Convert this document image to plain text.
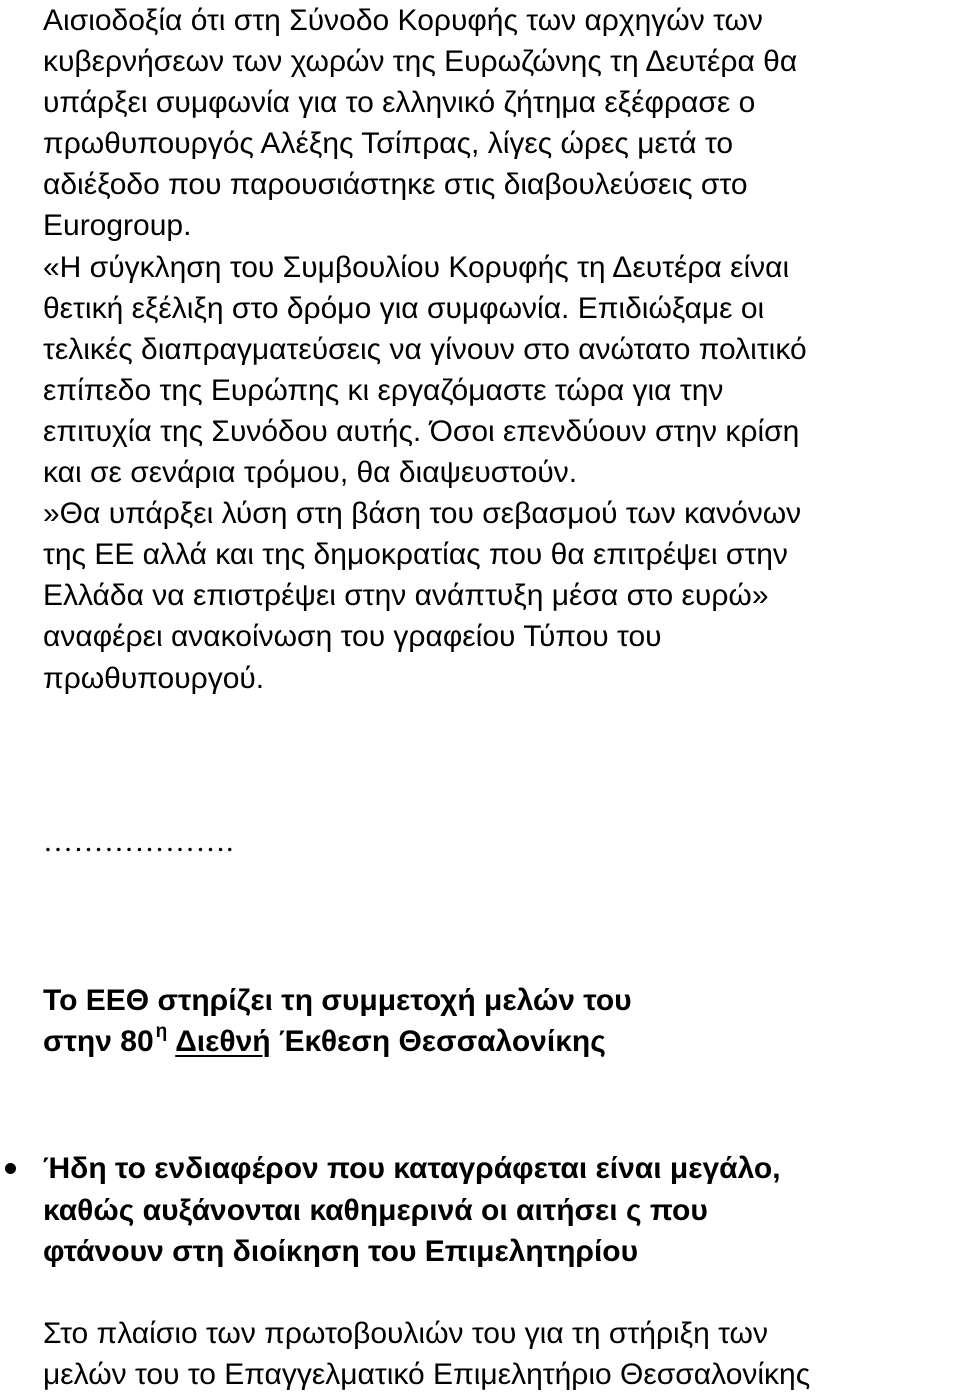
Αισιοδοξία ότι στη Σύνοδο Κορυφής των αρχηγών των
κυβερνήσεων των χωρών της Ευρωζώνης τη Δευτέρα θα
υπάρξει συμφωνία για το ελληνικό ζήτημα εξέφρασε ο
πρωθυπουργός Αλέξης Τσίπρας, λίγες ώρες μετά το
αδιέξοδο που παρουσιάστηκε στις διαβουλεύσεις στο
Eurogroup.
«Η σύγκληση του Συμβουλίου Κορυφής τη Δευτέρα είναι
θετική εξέλιξη στο δρόμο για συμφωνία. Επιδιώξαμε οι
τελικές διαπραγματεύσεις να γίνουν στο ανώτατο πολιτικό
επίπεδο της Ευρώπης κι εργαζόμαστε τώρα για την
επιτυχία της Συνόδου αυτής. Όσοι επενδύουν στην κρίση
και σε σενάρια τρόμου, θα διαψευστούν.
»Θα υπάρξει λύση στη βάση του σεβασμού των κανόνων
της ΕΕ αλλά και της δημοκρατίας που θα επιτρέψει στην
Ελλάδα να επιστρέψει στην ανάπτυξη μέσα στο ευρώ»
αναφέρει ανακοίνωση του γραφείου Τύπου του
πρωθυπουργού.

……………….
Το ΕΕΘ στηρίζει τη συμμετοχή μελών του
στην 80 $^\eta$ Διεθνή Έκθεση Θεσσαλονίκης
Ήδη το ενδιαφέρον που καταγράφεται είναι μεγάλο,
καθώς αυξάνονται καθημερινά οι αιτήσει ς που
φτάνουν στη διοίκηση του Επιμελητηρίου
Στο πλαίσιο των πρωτοβουλιών του για τη στήριξη των
μελών του το Επαγγελματικό Επιμελητήριο Θεσσαλονίκης
